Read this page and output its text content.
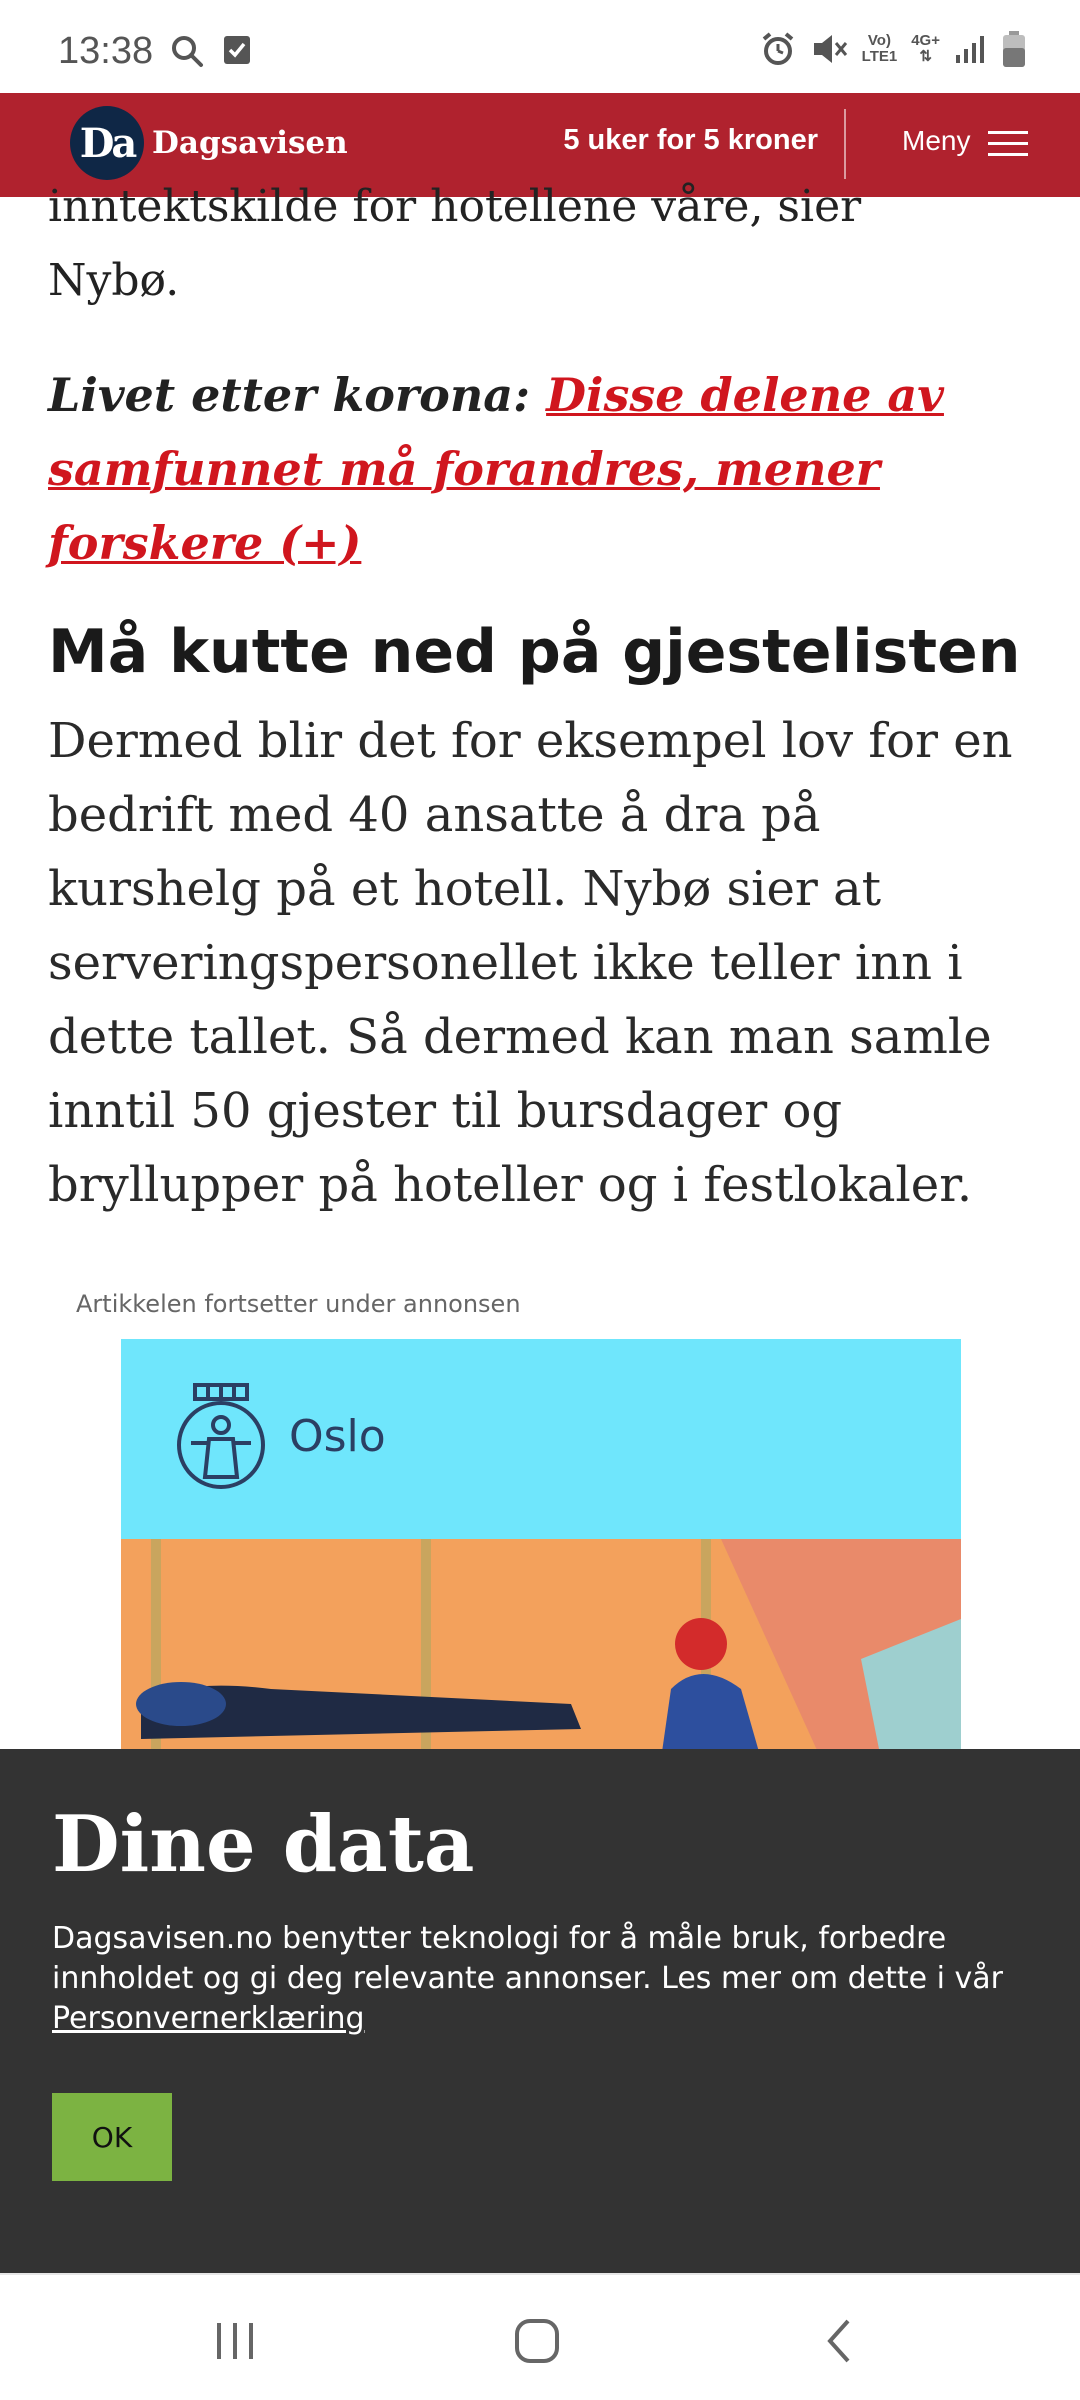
13:38	Vo)
LTE1
4G+
⇅
Da Dagsavisen	5 uker for 5 kroner	Meny

inntektskilde for hotellene våre, sier
Nybø.

Livet etter korona: Disse delene av samfunnet må forandres, mener forskere (+)

Må kutte ned på gjestelisten

Dermed blir det for eksempel lov for en bedrift med 40 ansatte å dra på kurshelg på et hotell. Nybø sier at serveringspersonellet ikke teller inn i dette tallet. Så dermed kan man samle inntil 50 gjester til bursdager og bryllupper på hoteller og i festlokaler.

Artikkelen fortsetter under annonsen
Oslo
Dine data
Dagsavisen.no benytter teknologi for å måle bruk, forbedre innholdet og gi deg relevante annonser. Les mer om dette i vår
Personvernerklæring
OK
